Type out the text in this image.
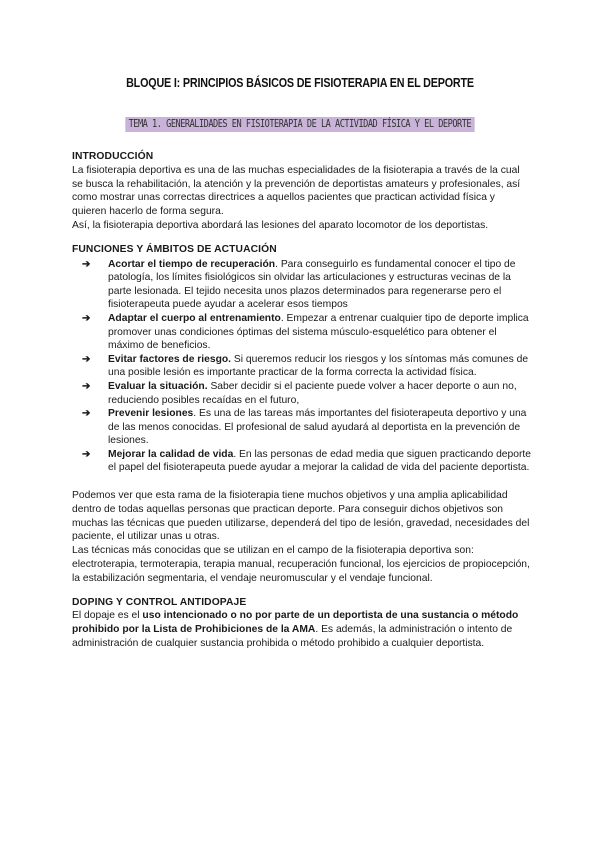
BLOQUE I: PRINCIPIOS BÁSICOS DE FISIOTERAPIA EN EL DEPORTE
TEMA 1. GENERALIDADES EN FISIOTERAPIA DE LA ACTIVIDAD FÍSICA Y EL DEPORTE
INTRODUCCIÓN

La fisioterapia deportiva es una de las muchas especialidades de la fisioterapia a través de la cual se busca la rehabilitación, la atención y la prevención de deportistas amateurs y profesionales, así como mostrar unas correctas directrices a aquellos pacientes que practican actividad física y quieren hacerlo de forma segura.

Así, la fisioterapia deportiva abordará las lesiones del aparato locomotor de los deportistas.

FUNCIONES Y ÁMBITOS DE ACTUACIÓN
➔ Acortar el tiempo de recuperación. Para conseguirlo es fundamental conocer el tipo de patología, los límites fisiológicos sin olvidar las articulaciones y estructuras vecinas de la parte lesionada. El tejido necesita unos plazos determinados para regenerarse pero el fisioterapeuta puede ayudar a acelerar esos tiempos
➔ Adaptar el cuerpo al entrenamiento. Empezar a entrenar cualquier tipo de deporte implica promover unas condiciones óptimas del sistema músculo-esquelético para obtener el máximo de beneficios.
➔ Evitar factores de riesgo. Si queremos reducir los riesgos y los síntomas más comunes de una posible lesión es importante practicar de la forma correcta la actividad física.
➔ Evaluar la situación. Saber decidir si el paciente puede volver a hacer deporte o aun no, reduciendo posibles recaídas en el futuro,
➔ Prevenir lesiones. Es una de las tareas más importantes del fisioterapeuta deportivo y una de las menos conocidas. El profesional de salud ayudará al deportista en la prevención de lesiones.
➔ Mejorar la calidad de vida. En las personas de edad media que siguen practicando deporte el papel del fisioterapeuta puede ayudar a mejorar la calidad de vida del paciente deportista.

Podemos ver que esta rama de la fisioterapia tiene muchos objetivos y una amplia aplicabilidad dentro de todas aquellas personas que practican deporte. Para conseguir dichos objetivos son muchas las técnicas que pueden utilizarse, dependerá del tipo de lesión, gravedad, necesidades del paciente, el utilizar unas u otras.

Las técnicas más conocidas que se utilizan en el campo de la fisioterapia deportiva son: electroterapia, termoterapia, terapia manual, recuperación funcional, los ejercicios de propiocepción, la estabilización segmentaria, el vendaje neuromuscular y el vendaje funcional.

DOPING Y CONTROL ANTIDOPAJE

El dopaje es el uso intencionado o no por parte de un deportista de una sustancia o método prohibido por la Lista de Prohibiciones de la AMA. Es además, la administración o intento de administración de cualquier sustancia prohibida o método prohibido a cualquier deportista.
